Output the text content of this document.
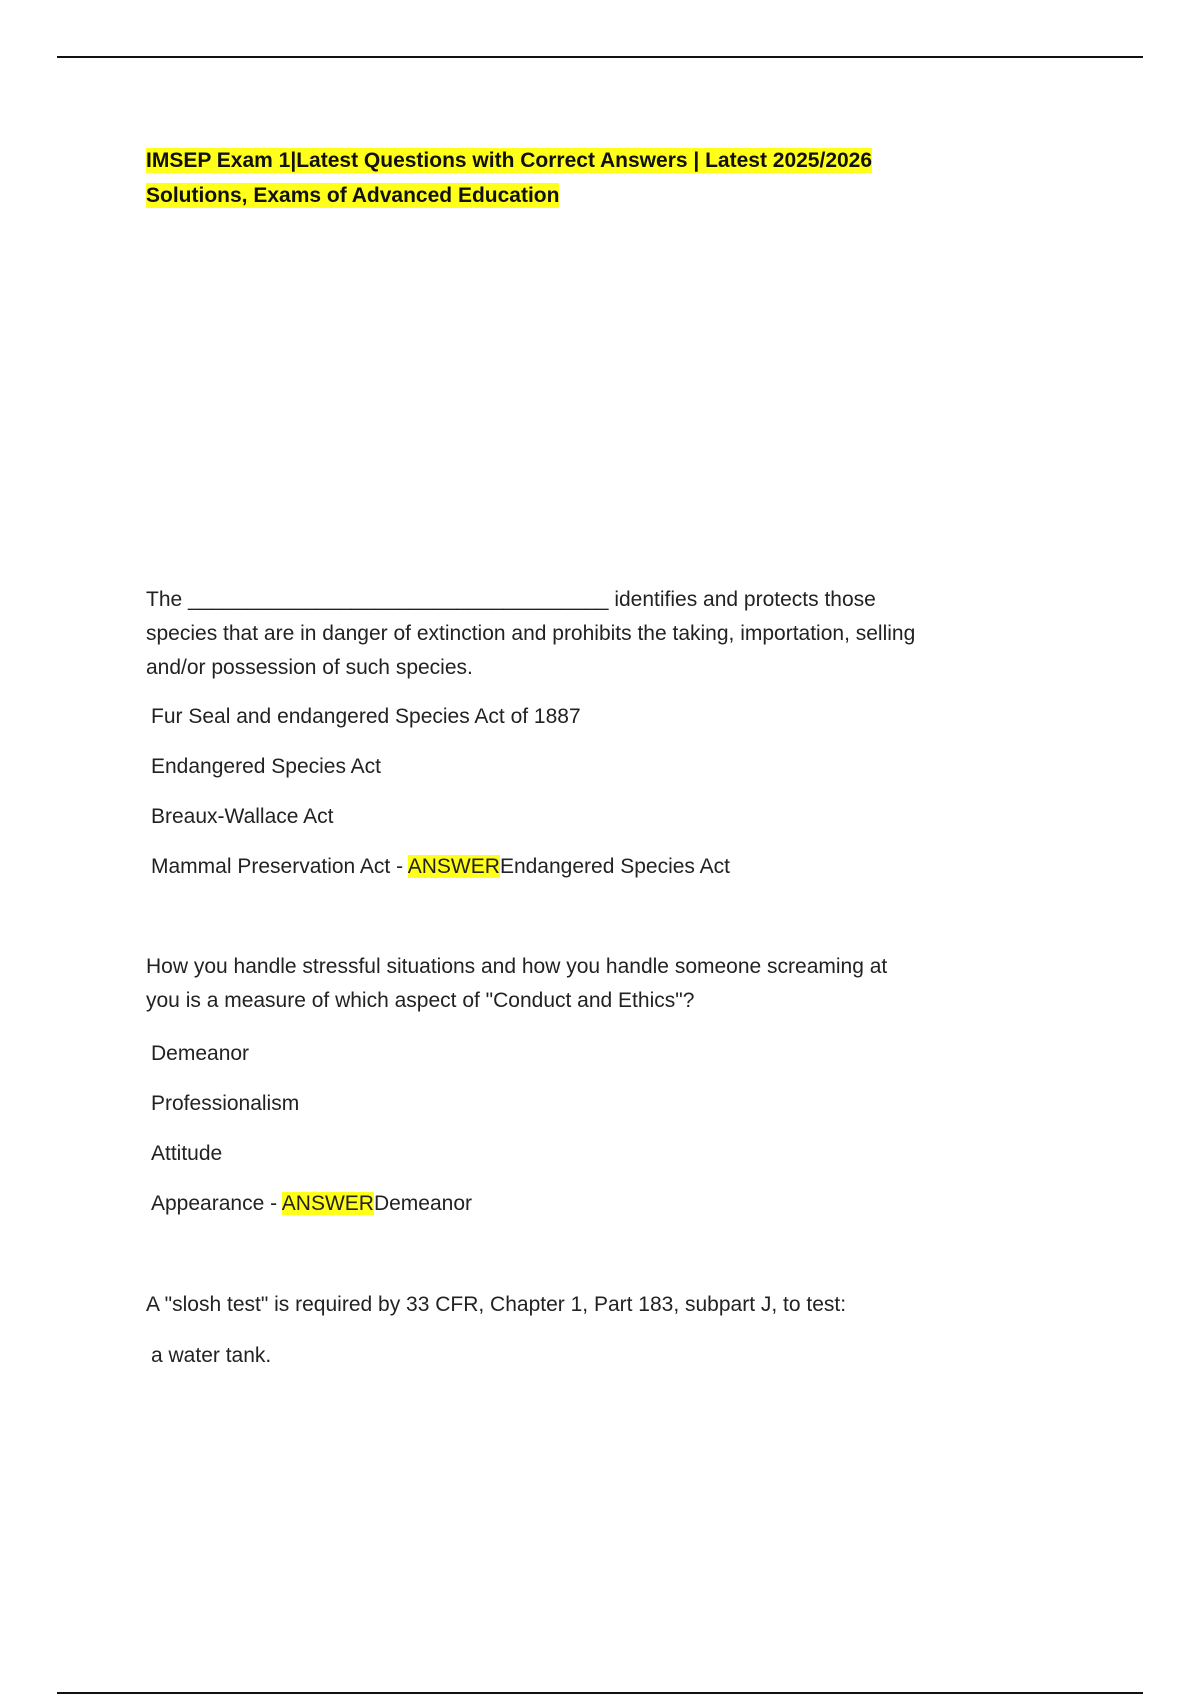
IMSEP Exam 1|Latest Questions with Correct Answers | Latest 2025/2026
Solutions, Exams of Advanced Education
The ____________________________________ identifies and protects those species that are in danger of extinction and prohibits the taking, importation, selling and/or possession of such species.
Fur Seal and endangered Species Act of 1887
Endangered Species Act
Breaux-Wallace Act
Mammal Preservation Act - ANSWEREndangered Species Act
How you handle stressful situations and how you handle someone screaming at you is a measure of which aspect of "Conduct and Ethics"?
Demeanor
Professionalism
Attitude
Appearance - ANSWERDemeanor
A "slosh test" is required by 33 CFR, Chapter 1, Part 183, subpart J, to test:
a water tank.
